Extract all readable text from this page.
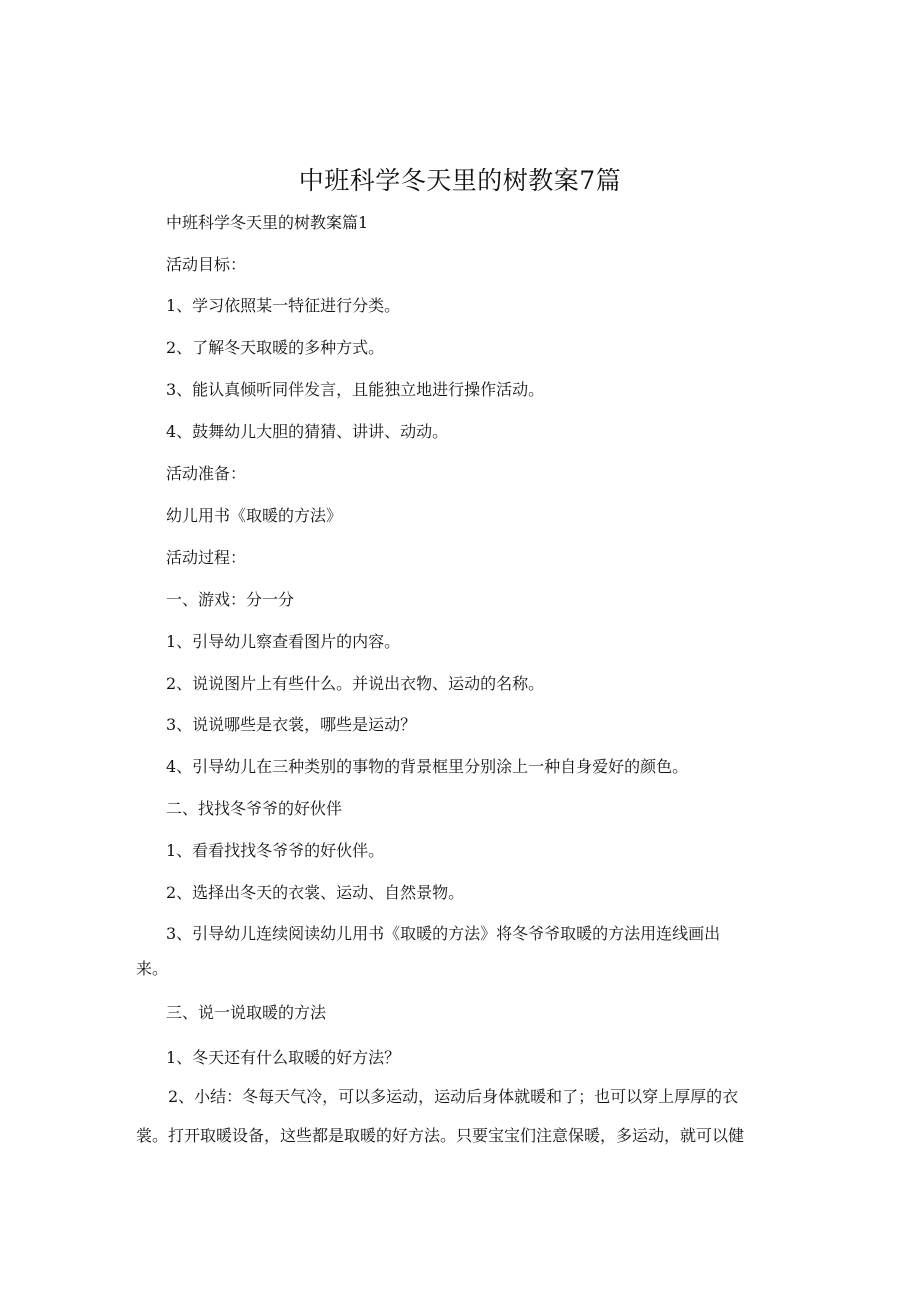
中班科学冬天里的树教案7篇
中班科学冬天里的树教案篇1
活动目标：
1、学习依照某一特征进行分类。
2、了解冬天取暖的多种方式。
3、能认真倾听同伴发言，且能独立地进行操作活动。
4、鼓舞幼儿大胆的猜猜、讲讲、动动。
活动准备：
幼儿用书《取暖的方法》
活动过程：
一、游戏：分一分
1、引导幼儿察查看图片的内容。
2、说说图片上有些什么。并说出衣物、运动的名称。
3、说说哪些是衣裳，哪些是运动？
4、引导幼儿在三种类别的事物的背景框里分别涂上一种自身爱好的颜色。
二、找找冬爷爷的好伙伴
1、看看找找冬爷爷的好伙伴。
2、选择出冬天的衣裳、运动、自然景物。
3、引导幼儿连续阅读幼儿用书《取暖的方法》将冬爷爷取暖的方法用连线画出
来。
三、说一说取暖的方法
1、冬天还有什么取暖的好方法？
2、小结：冬每天气冷，可以多运动，运动后身体就暖和了；也可以穿上厚厚的衣
裳。打开取暖设备，这些都是取暖的好方法。只要宝宝们注意保暖，多运动，就可以健
